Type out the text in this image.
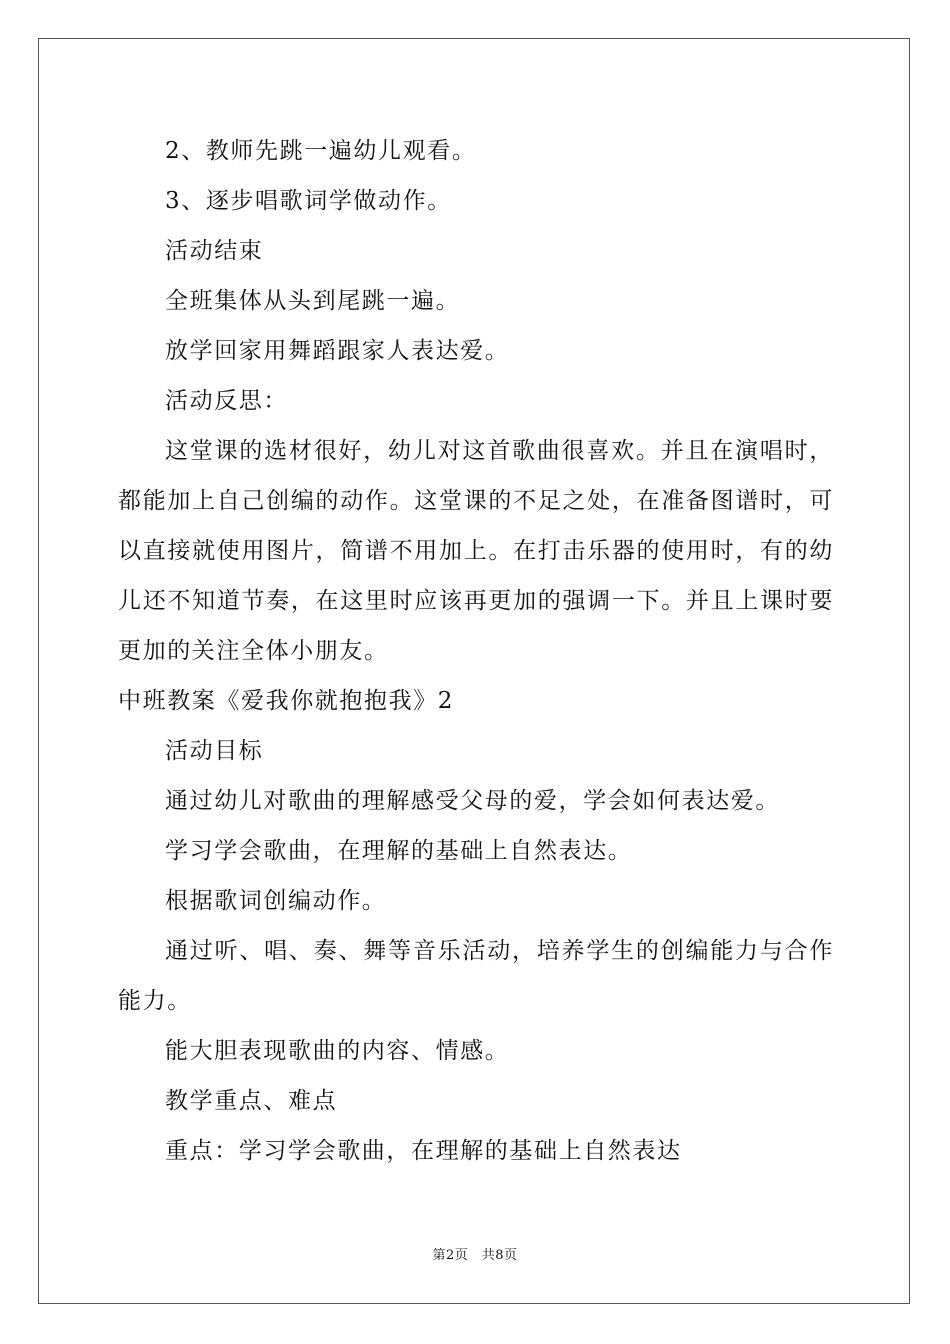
2、教师先跳一遍幼儿观看。
3、逐步唱歌词学做动作。
活动结束
全班集体从头到尾跳一遍。
放学回家用舞蹈跟家人表达爱。
活动反思：
这堂课的选材很好，幼儿对这首歌曲很喜欢。并且在演唱时，都能加上自己创编的动作。这堂课的不足之处，在准备图谱时，可以直接就使用图片，简谱不用加上。在打击乐器的使用时，有的幼儿还不知道节奏，在这里时应该再更加的强调一下。并且上课时要更加的关注全体小朋友。
中班教案《爱我你就抱抱我》2
活动目标
通过幼儿对歌曲的理解感受父母的爱，学会如何表达爱。
学习学会歌曲，在理解的基础上自然表达。
根据歌词创编动作。
通过听、唱、奏、舞等音乐活动，培养学生的创编能力与合作能力。
能大胆表现歌曲的内容、情感。
教学重点、难点
重点：学习学会歌曲，在理解的基础上自然表达
第2页　共8页
